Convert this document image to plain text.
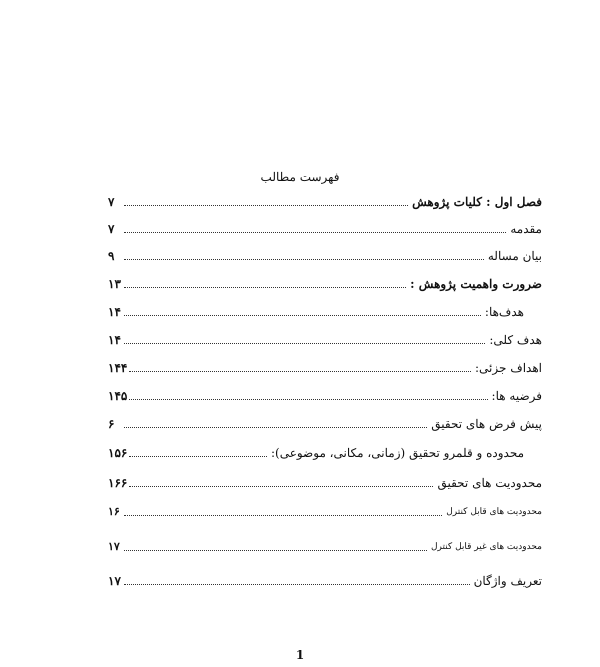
فهرست مطالب
فصل اول : کلیات پژوهش
۷
مقدمه
۷
بیان مساله
۹
ضرورت واهمیت پژوهش :
۱۳
هدف‌ها:
۱۴
هدف کلی:
۱۴
اهداف جزئی:
۱۴۴
فرضیه ها:
۱۴۵
پیش فرض های تحقیق
۶
محدوده و قلمرو تحقیق (زمانی، مکانی، موضوعی):
۱۵۶
محدودیت های تحقیق
۱۶۶
محدودیت های قابل کنترل
۱۶
محدودیت های غیر قابل کنترل
۱۷
تعریف واژگان
۱۷
1
